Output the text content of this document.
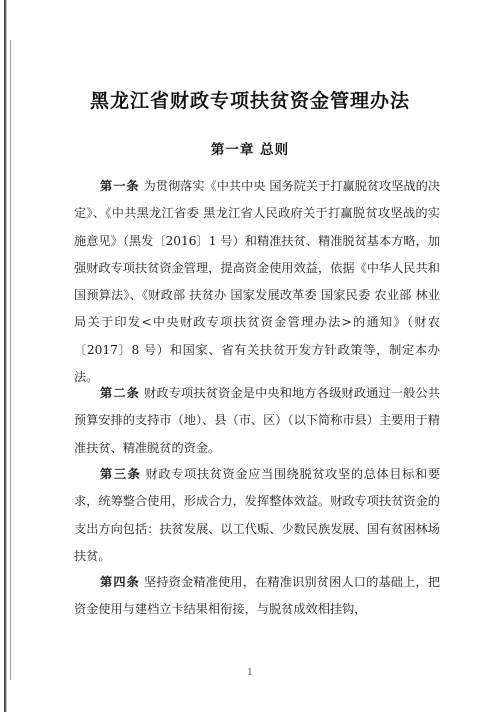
黑龙江省财政专项扶贫资金管理办法
第一章 总则

第一条 为贯彻落实《中共中央 国务院关于打赢脱贫攻坚战的决定》、《中共黑龙江省委 黑龙江省人民政府关于打赢脱贫攻坚战的实施意见》（黑发〔2016〕1 号）和精准扶贫、精准脱贫基本方略，加强财政专项扶贫资金管理，提高资金使用效益，依据《中华人民共和国预算法》、《财政部 扶贫办 国家发展改革委 国家民委 农业部 林业局关于印发<中央财政专项扶贫资金管理办法>的通知》（财农〔2017〕8 号）和国家、省有关扶贫开发方针政策等，制定本办法。

第二条 财政专项扶贫资金是中央和地方各级财政通过一般公共预算安排的支持市（地）、县（市、区）（以下简称市县）主要用于精准扶贫、精准脱贫的资金。

第三条 财政专项扶贫资金应当围绕脱贫攻坚的总体目标和要求，统筹整合使用，形成合力，发挥整体效益。财政专项扶贫资金的支出方向包括：扶贫发展、以工代赈、少数民族发展、国有贫困林场扶贫。

第四条 坚持资金精准使用，在精准识别贫困人口的基础上，把资金使用与建档立卡结果相衔接，与脱贫成效相挂钩，

1
